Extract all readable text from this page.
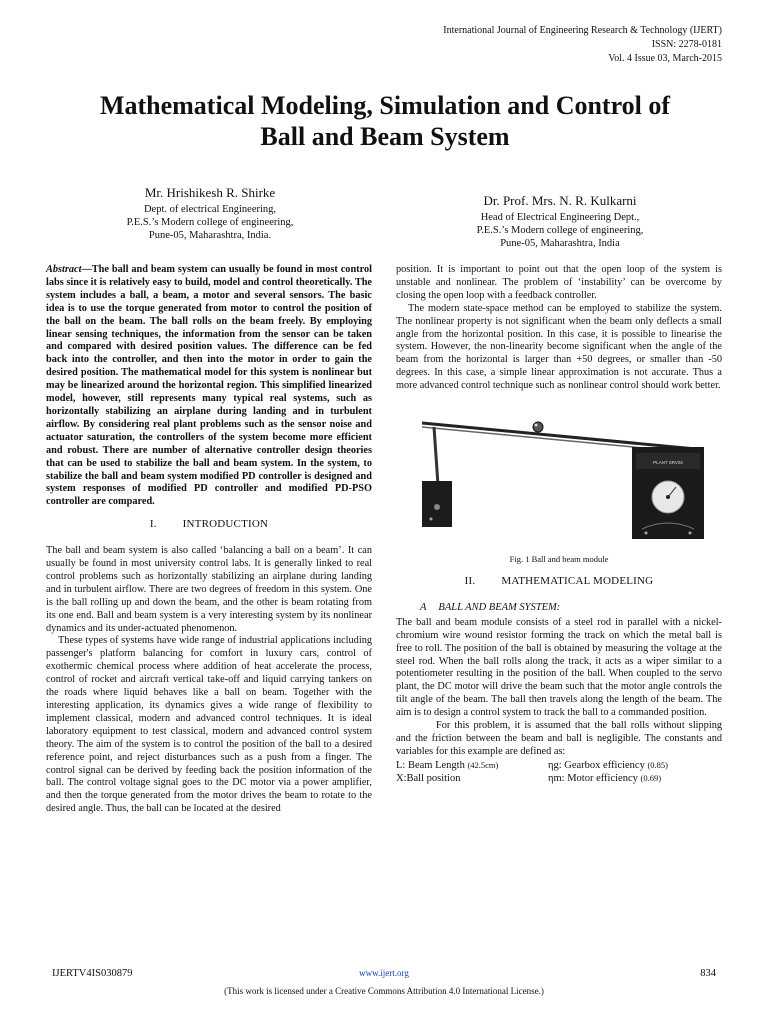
International Journal of Engineering Research & Technology (IJERT)
ISSN: 2278-0181
Vol. 4 Issue 03, March-2015
Mathematical Modeling, Simulation and Control of
Ball and Beam System
Mr. Hrishikesh R. Shirke
Dept. of electrical Engineering,
P.E.S.’s Modern college of engineering,
Pune-05, Maharashtra, India.
Dr. Prof. Mrs. N. R. Kulkarni
Head of Electrical Engineering Dept.,
P.E.S.’s Modern college of engineering,
Pune-05, Maharashtra, India

Abstract—The ball and beam system can usually be found in most control labs since it is relatively easy to build, model and control theoretically. The system includes a ball, a beam, a motor and several sensors. The basic idea is to use the torque generated from motor to control the position of the ball on the beam. The ball rolls on the beam freely. By employing linear sensing techniques, the information from the sensor can be taken and compared with desired position values. The difference can be fed back into the controller, and then into the motor in order to gain the desired position. The mathematical model for this system is nonlinear but may be linearized around the horizontal region. This simplified linearized model, however, still represents many typical real systems, such as horizontally stabilizing an airplane during landing and in turbulent airflow. By considering real plant problems such as the sensor noise and actuator saturation, the controllers of the system become more efficient and robust. There are number of alternative controller design theories that can be used to stabilize the ball and beam system. In the system, to stabilize the ball and beam system modified PD controller is designed and system responses of modified PD controller and modified PD-PSO controller are compared.

I. INTRODUCTION

The ball and beam system is also called ‘balancing a ball on a beam’. It can usually be found in most university control labs. It is generally linked to real control problems such as horizontally stabilizing an airplane during landing and in turbulent airflow. There are two degrees of freedom in this system. One is the ball rolling up and down the beam, and the other is beam rotating from its one end. Ball and beam system is a very interesting system by its nonlinear dynamics and its under-actuated phenomenon.

These types of systems have wide range of industrial applications including passenger's platform balancing for comfort in luxury cars, control of exothermic chemical process where addition of heat accelerate the process, control of rocket and aircraft vertical take-off and liquid carrying tankers on the roads where liquid behaves like a ball on beam. Together with the interesting application, its dynamics gives a wide range of flexibility to implement classical, modern and advanced control techniques. It is ideal laboratory equipment to test classical, modern and advanced control system theory. The aim of the system is to control the position of the ball to a desired reference point, and reject disturbances such as a push from a finger. The control signal can be derived by feeding back the position information of the ball. The control voltage signal goes to the DC motor via a power amplifier, and then the torque generated from the motor drives the beam to rotate to the desired angle. Thus, the ball can be located at the desired

position. It is important to point out that the open loop of the system is unstable and nonlinear. The problem of ‘instability’ can be overcome by closing the open loop with a feedback controller.

The modern state-space method can be employed to stabilize the system. The nonlinear property is not significant when the beam only deflects a small angle from the horizontal position. In this case, it is possible to linearise the system. However, the non-linearity become significant when the angle of the beam from the horizontal is larger than +50 degrees, or smaller than -50 degrees. In this case, a simple linear approximation is not accurate. Thus a more advanced control technique such as nonlinear control should work better.

PLANT SRV02
Fig. 1 Ball and beam module
II. MATHEMATICAL MODELING
A BALL AND BEAM SYSTEM:

The ball and beam module consists of a steel rod in parallel with a nickel-chromium wire wound resistor forming the track on which the metal ball is free to roll. The position of the ball is obtained by measuring the voltage at the steel rod. When the ball rolls along the track, it acts as a wiper similar to a potentiometer resulting in the position of the ball. When coupled to the servo plant, the DC motor will drive the beam such that the motor angle controls the tilt angle of the beam. The ball then travels along the length of the beam. The aim is to design a control system to track the ball to a commanded position.

For this problem, it is assumed that the ball rolls without slipping and the friction between the beam and ball is negligible. The constants and variables for this example are defined as:

L: Beam Length (42.5cm)	ηg: Gearbox efficiency (0.85)
X:Ball position	ηm: Motor efficiency (0.69)
IJERTV4IS030879	www.ijert.org	834
(This work is licensed under a Creative Commons Attribution 4.0 International License.)
